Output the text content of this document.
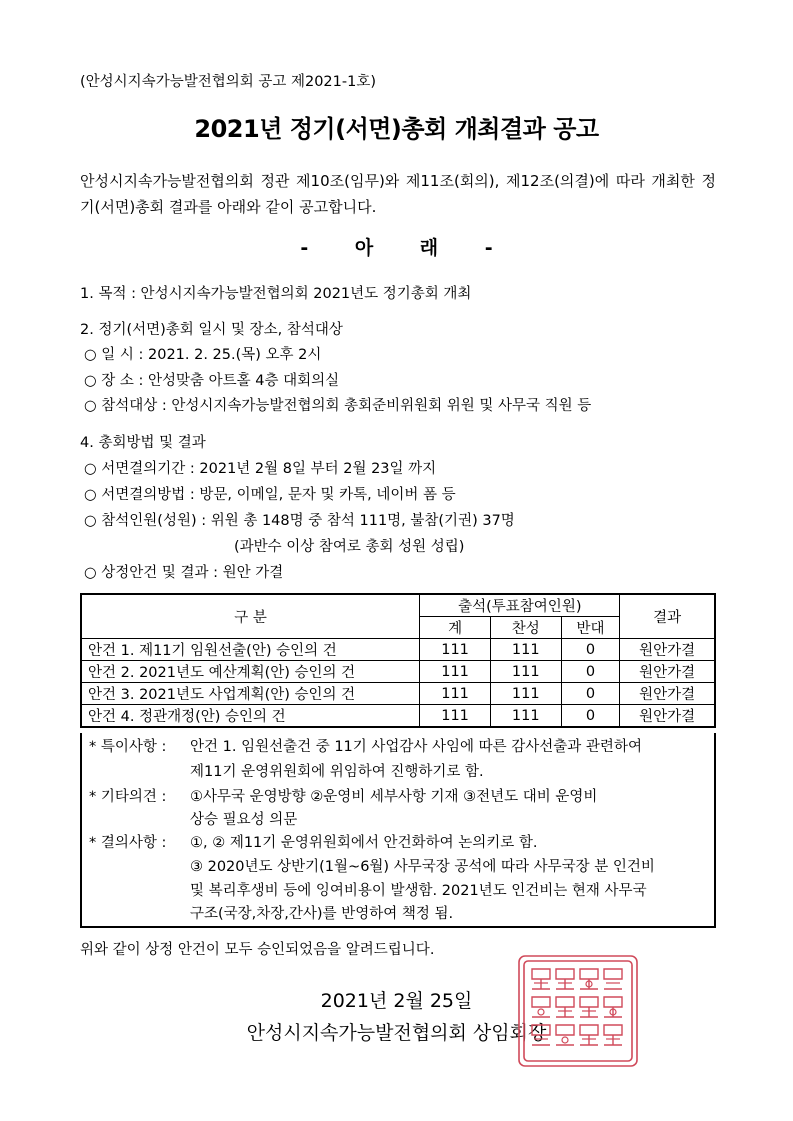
(안성시지속가능발전협의회 공고 제2021-1호)
2021년 정기(서면)총회 개최결과 공고
안성시지속가능발전협의회 정관 제10조(임무)와 제11조(회의), 제12조(의결)에 따라 개최한 정기(서면)총회 결과를 아래와 같이 공고합니다.
- 아 래 -
1. 목적 : 안성시지속가능발전협의회 2021년도 정기총회 개최
2. 정기(서면)총회 일시 및 장소, 참석대상
○ 일 시 : 2021. 2. 25.(목) 오후 2시
○ 장 소 : 안성맞춤 아트홀 4층 대회의실
○ 참석대상 : 안성시지속가능발전협의회 총회준비위원회 위원 및 사무국 직원 등
4. 총회방법 및 결과
○ 서면결의기간 : 2021년 2월 8일 부터 2월 23일 까지
○ 서면결의방법 : 방문, 이메일, 문자 및 카톡, 네이버 폼 등
○ 참석인원(성원) : 위원 총 148명 중 참석 111명, 불참(기권) 37명
(과반수 이상 참여로 총회 성원 성립)
○ 상정안건 및 결과 : 원안 가결
구 분	출석(투표참여인원)			결과
	계	찬성	반대	
안건 1. 제11기 임원선출(안) 승인의 건	111	111	0	원안가결
안건 2. 2021년도 예산계획(안) 승인의 건	111	111	0	원안가결
안건 3. 2021년도 사업계획(안) 승인의 건	111	111	0	원안가결
안건 4. 정관개정(안) 승인의 건	111	111	0	원안가결
* 특이사항 : 안건 1. 임원선출건 중 11기 사업감사 사임에 따른 감사선출과 관련하여
제11기 운영위원회에 위임하여 진행하기로 함.
* 기타의견 : ①사무국 운영방향 ②운영비 세부사항 기재 ③전년도 대비 운영비
상승 필요성 의문
* 결의사항 : ①, ② 제11기 운영위원회에서 안건화하여 논의키로 함.
③ 2020년도 상반기(1월~6월) 사무국장 공석에 따라 사무국장 분 인건비
및 복리후생비 등에 잉여비용이 발생함. 2021년도 인건비는 현재 사무국
구조(국장,차장,간사)를 반영하여 책정 됨.
위와 같이 상정 안건이 모두 승인되었음을 알려드립니다.
2021년 2월 25일
안성시지속가능발전협의회 상임회장
